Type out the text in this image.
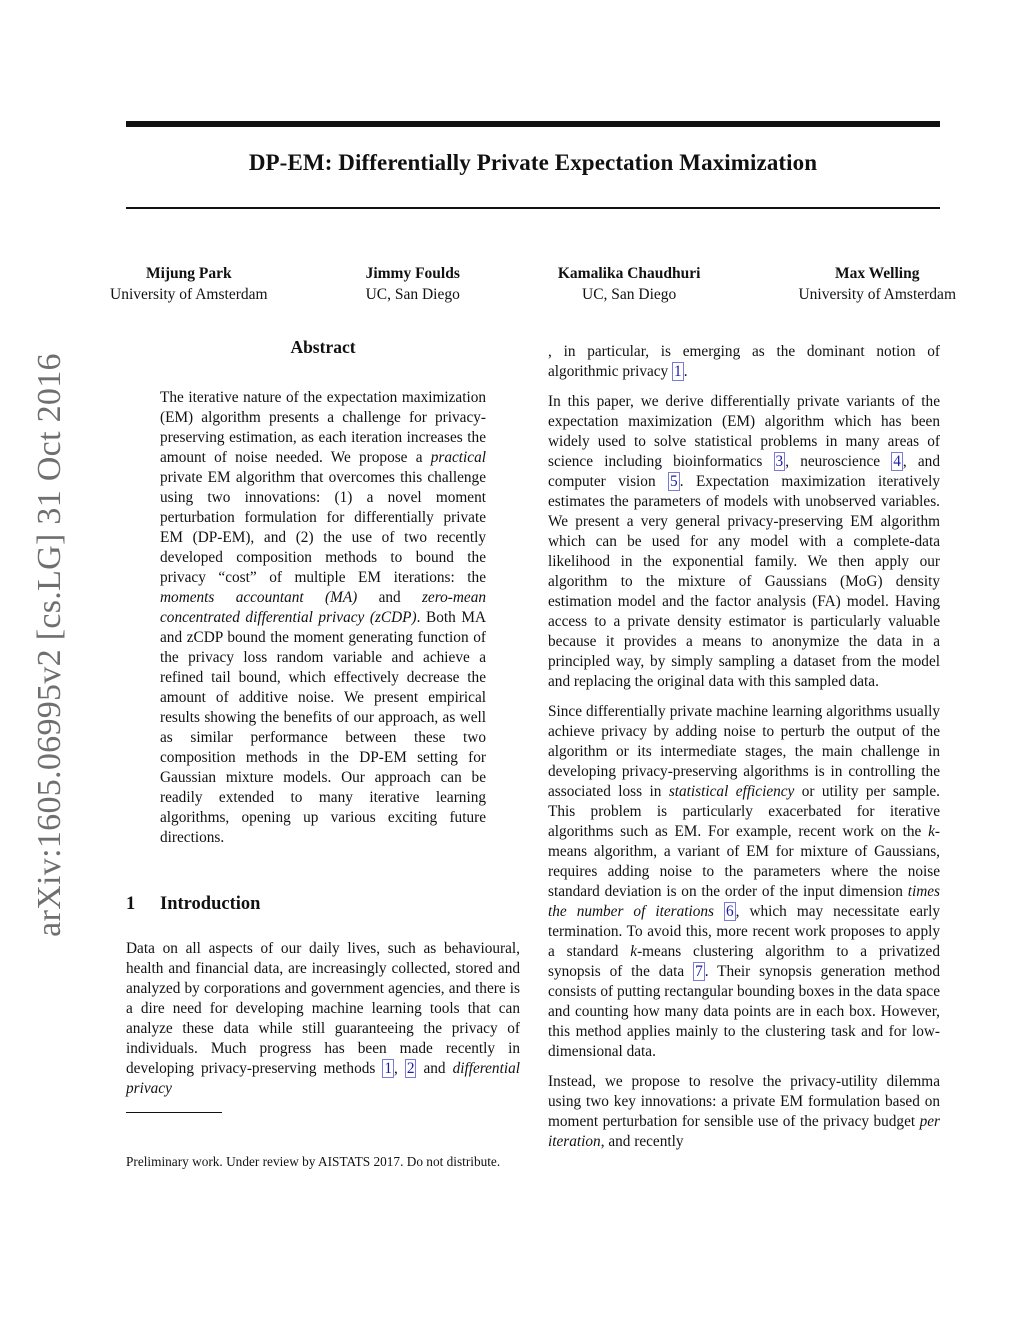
arXiv:1605.06995v2 [cs.LG] 31 Oct 2016
DP-EM: Differentially Private Expectation Maximization
Mijung Park
University of Amsterdam
Jimmy Foulds
UC, San Diego
Kamalika Chaudhuri
UC, San Diego
Max Welling
University of Amsterdam
Abstract

The iterative nature of the expectation maximization (EM) algorithm presents a challenge for privacy-preserving estimation, as each iteration increases the amount of noise needed. We propose a practical private EM algorithm that overcomes this challenge using two innovations: (1) a novel moment perturbation formulation for differentially private EM (DP-EM), and (2) the use of two recently developed composition methods to bound the privacy “cost” of multiple EM iterations: the moments accountant (MA) and zero-mean concentrated differential privacy (zCDP). Both MA and zCDP bound the moment generating function of the privacy loss random variable and achieve a refined tail bound, which effectively decrease the amount of additive noise. We present empirical results showing the benefits of our approach, as well as similar performance between these two composition methods in the DP-EM setting for Gaussian mixture models. Our approach can be readily extended to many iterative learning algorithms, opening up various exciting future directions.

1 Introduction

Data on all aspects of our daily lives, such as behavioural, health and financial data, are increasingly collected, stored and analyzed by corporations and government agencies, and there is a dire need for developing machine learning tools that can analyze these data while still guaranteeing the privacy of individuals. Much progress has been made recently in developing privacy-preserving methods 1 , 2 and differential privacy

Preliminary work. Under review by AISTATS 2017. Do not distribute.

, in particular, is emerging as the dominant notion of algorithmic privacy 1 .

In this paper, we derive differentially private variants of the expectation maximization (EM) algorithm which has been widely used to solve statistical problems in many areas of science including bioinformatics 3 , neuroscience 4 , and computer vision 5 . Expectation maximization iteratively estimates the parameters of models with unobserved variables. We present a very general privacy-preserving EM algorithm which can be used for any model with a complete-data likelihood in the exponential family. We then apply our algorithm to the mixture of Gaussians (MoG) density estimation model and the factor analysis (FA) model. Having access to a private density estimator is particularly valuable because it provides a means to anonymize the data in a principled way, by simply sampling a dataset from the model and replacing the original data with this sampled data.

Since differentially private machine learning algorithms usually achieve privacy by adding noise to perturb the output of the algorithm or its intermediate stages, the main challenge in developing privacy-preserving algorithms is in controlling the associated loss in statistical efficiency or utility per sample. This problem is particularly exacerbated for iterative algorithms such as EM. For example, recent work on the k-means algorithm, a variant of EM for mixture of Gaussians, requires adding noise to the parameters where the noise standard deviation is on the order of the input dimension times the number of iterations 6 , which may necessitate early termination. To avoid this, more recent work proposes to apply a standard k-means clustering algorithm to a privatized synopsis of the data 7 . Their synopsis generation method consists of putting rectangular bounding boxes in the data space and counting how many data points are in each box. However, this method applies mainly to the clustering task and for low-dimensional data.

Instead, we propose to resolve the privacy-utility dilemma using two key innovations: a private EM formulation based on moment perturbation for sensible use of the privacy budget per iteration, and recently
